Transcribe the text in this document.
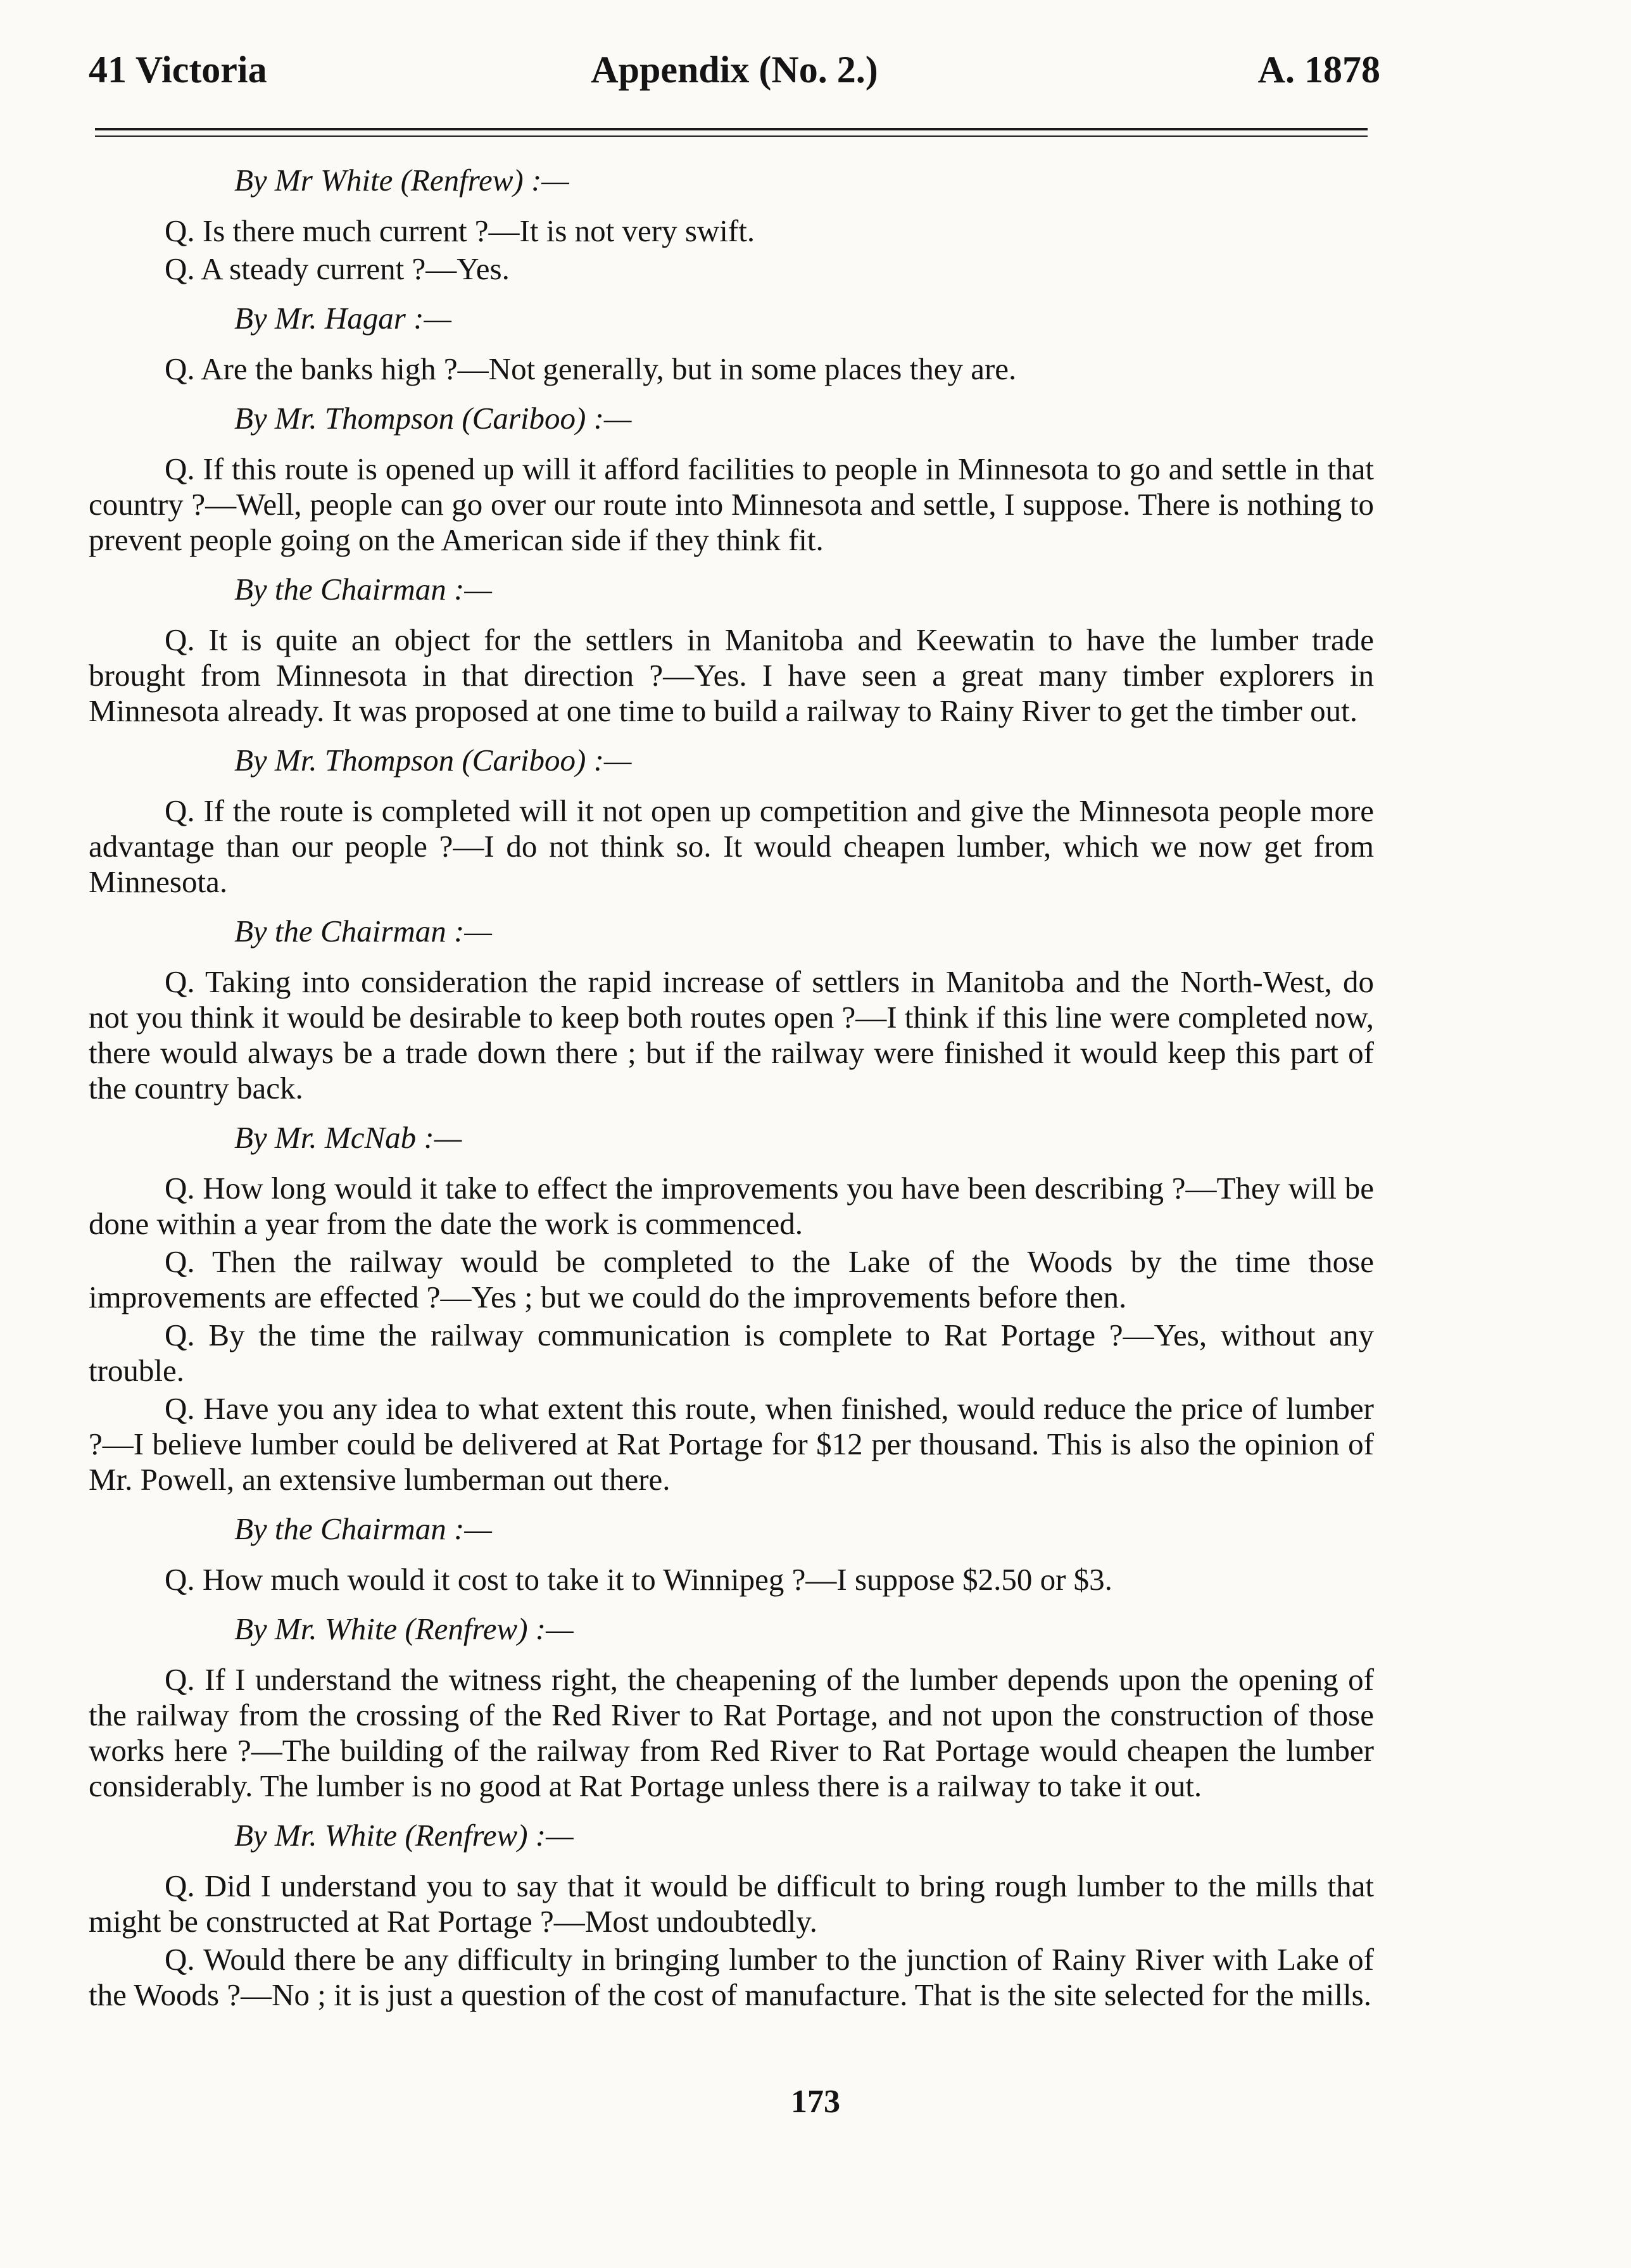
41 Victoria	Appendix (No. 2.)	A. 1878
By Mr White (Renfrew) :—
Q. Is there much current ?—It is not very swift.
Q. A steady current ?—Yes.
By Mr. Hagar :—
Q. Are the banks high ?—Not generally, but in some places they are.
By Mr. Thompson (Cariboo) :—
Q. If this route is opened up will it afford facilities to people in Minnesota to go and settle in that country ?—Well, people can go over our route into Minnesota and settle, I suppose. There is nothing to prevent people going on the American side if they think fit.
By the Chairman :—
Q. It is quite an object for the settlers in Manitoba and Keewatin to have the lumber trade brought from Minnesota in that direction ?—Yes. I have seen a great many timber explorers in Minnesota already. It was proposed at one time to build a railway to Rainy River to get the timber out.
By Mr. Thompson (Cariboo) :—
Q. If the route is completed will it not open up competition and give the Minnesota people more advantage than our people ?—I do not think so. It would cheapen lumber, which we now get from Minnesota.
By the Chairman :—
Q. Taking into consideration the rapid increase of settlers in Manitoba and the North-West, do not you think it would be desirable to keep both routes open ?—I think if this line were completed now, there would always be a trade down there ; but if the railway were finished it would keep this part of the country back.
By Mr. McNab :—
Q. How long would it take to effect the improvements you have been describing ?—They will be done within a year from the date the work is commenced.
Q. Then the railway would be completed to the Lake of the Woods by the time those improvements are effected ?—Yes ; but we could do the improvements before then.
Q. By the time the railway communication is complete to Rat Portage ?—Yes, without any trouble.
Q. Have you any idea to what extent this route, when finished, would reduce the price of lumber ?—I believe lumber could be delivered at Rat Portage for $12 per thousand. This is also the opinion of Mr. Powell, an extensive lumberman out there.
By the Chairman :—
Q. How much would it cost to take it to Winnipeg ?—I suppose $2.50 or $3.
By Mr. White (Renfrew) :—
Q. If I understand the witness right, the cheapening of the lumber depends upon the opening of the railway from the crossing of the Red River to Rat Portage, and not upon the construction of those works here ?—The building of the railway from Red River to Rat Portage would cheapen the lumber considerably. The lumber is no good at Rat Portage unless there is a railway to take it out.
By Mr. White (Renfrew) :—
Q. Did I understand you to say that it would be difficult to bring rough lumber to the mills that might be constructed at Rat Portage ?—Most undoubtedly.
Q. Would there be any difficulty in bringing lumber to the junction of Rainy River with Lake of the Woods ?—No ; it is just a question of the cost of manufacture. That is the site selected for the mills.
173
